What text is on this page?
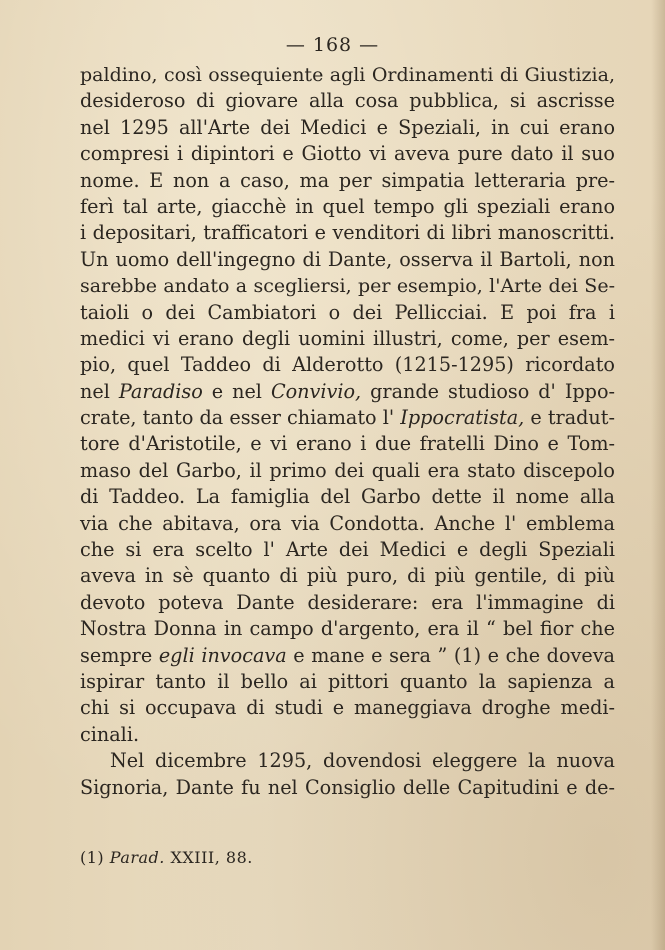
— 168 —
paldino, così ossequiente agli Ordinamenti di Giustizia,
desideroso di giovare alla cosa pubblica, si ascrisse
nel 1295 all'Arte dei Medici e Speziali, in cui erano
compresi i dipintori e Giotto vi aveva pure dato il suo
nome. E non a caso, ma per simpatia letteraria pre-
ferì tal arte, giacchè in quel tempo gli speziali erano
i depositari, trafficatori e venditori di libri manoscritti.
Un uomo dell'ingegno di Dante, osserva il Bartoli, non
sarebbe andato a scegliersi, per esempio, l'Arte dei Se-
taioli o dei Cambiatori o dei Pellicciai. E poi fra i
medici vi erano degli uomini illustri, come, per esem-
pio, quel Taddeo di Alderotto (1215-1295) ricordato
nel Paradiso e nel Convivio, grande studioso d' Ippo-
crate, tanto da esser chiamato l' Ippocratista, e tradut-
tore d'Aristotile, e vi erano i due fratelli Dino e Tom-
maso del Garbo, il primo dei quali era stato discepolo
di Taddeo. La famiglia del Garbo dette il nome alla
via che abitava, ora via Condotta. Anche l' emblema
che si era scelto l' Arte dei Medici e degli Speziali
aveva in sè quanto di più puro, di più gentile, di più
devoto poteva Dante desiderare: era l'immagine di
Nostra Donna in campo d'argento, era il “ bel fior che
sempre egli invocava e mane e sera ” (1) e che doveva
ispirar tanto il bello ai pittori quanto la sapienza a
chi si occupava di studi e maneggiava droghe medi-
cinali.
Nel dicembre 1295, dovendosi eleggere la nuova
Signoria, Dante fu nel Consiglio delle Capitudini e de-
(1) Parad. XXIII, 88.
